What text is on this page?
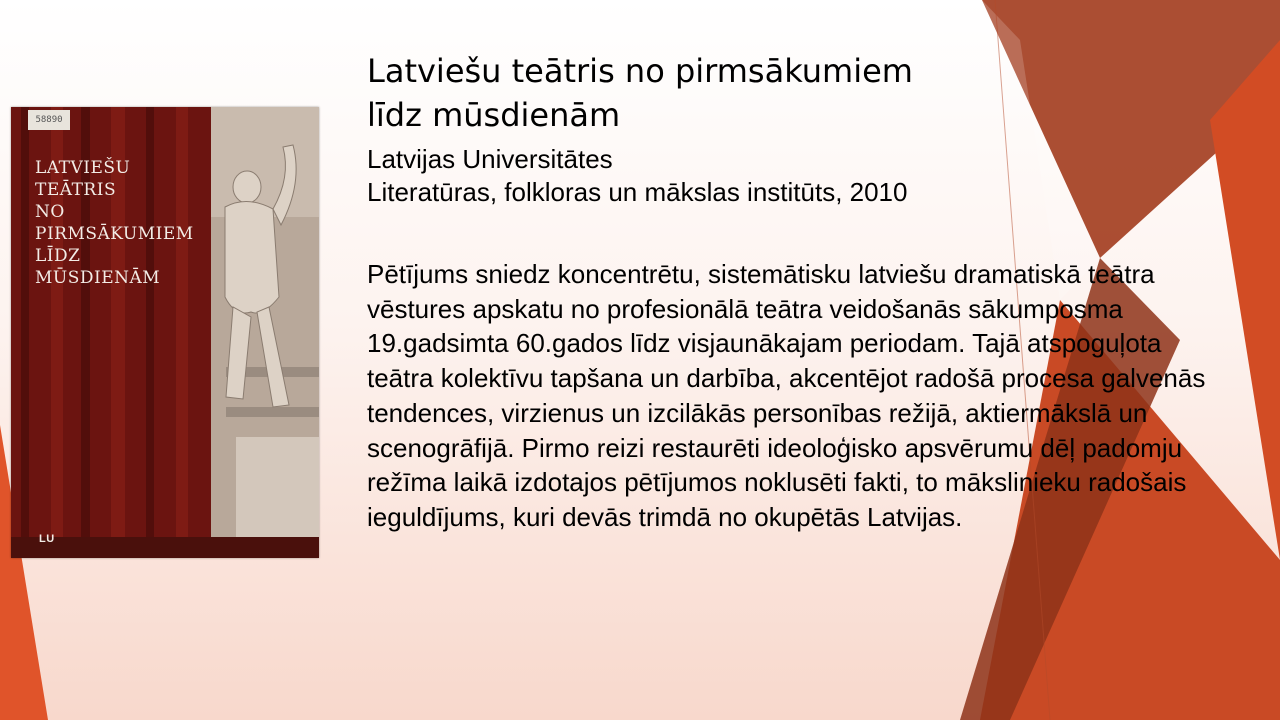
58890

LATVIEŠU
TEĀTRIS
NO
PIRMSĀKUMIEM
LĪDZ
MŪSDIENĀM

LU
Latviešu teātris no pirmsākumiem
līdz mūsdienām

Latvijas Universitātes
Literatūras, folkloras un mākslas institūts, 2010

Pētījums sniedz koncentrētu, sistemātisku latviešu dramatiskā teātra vēstures apskatu no profesionālā teātra veidošanās sākumposma 19.gadsimta 60.gados līdz visjaunākajam periodam. Tajā atspoguļota teātra kolektīvu tapšana un darbība, akcentējot radošā procesa galvenās tendences, virzienus un izcilākās personības režijā, aktiermākslā un scenogrāfijā. Pirmo reizi restaurēti ideoloģisko apsvērumu dēļ padomju režīma laikā izdotajos pētījumos noklusēti fakti, to mākslinieku radošais ieguldījums, kuri devās trimdā no okupētās Latvijas.
